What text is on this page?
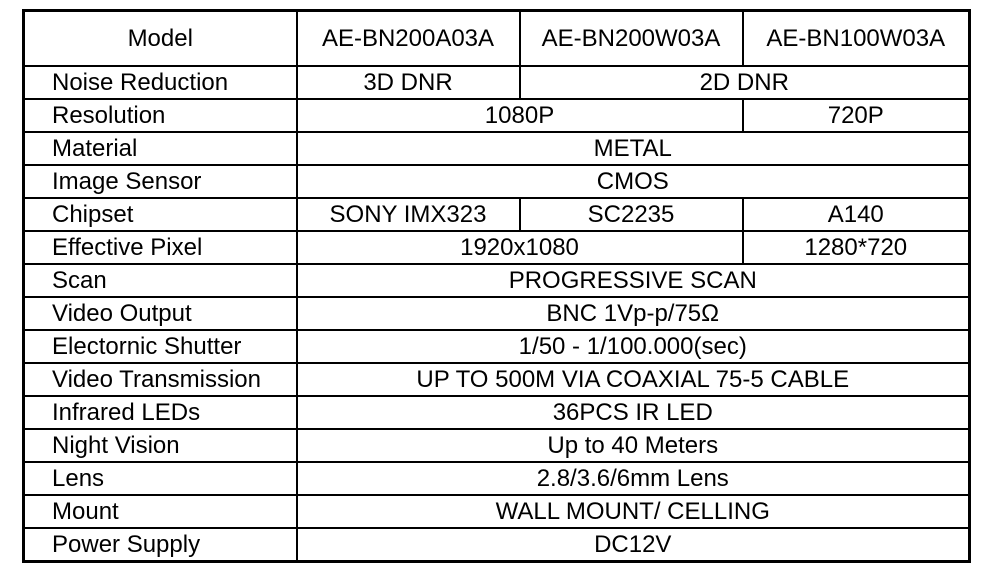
Model	AE-BN200A03A	AE-BN200W03A	AE-BN100W03A
Noise Reduction	3D DNR	2D DNR	
Resolution	1080P		720P
Material	METAL		
Image Sensor	CMOS		
Chipset	SONY IMX323	SC2235	A140
Effective Pixel	1920x1080		1280*720
Scan	PROGRESSIVE SCAN		
Video Output	BNC 1Vp-p/75Ω		
Electornic Shutter	1/50 - 1/100.000(sec)		
Video Transmission	UP TO 500M VIA COAXIAL 75-5 CABLE		
Infrared LEDs	36PCS IR LED		
Night Vision	Up to 40 Meters		
Lens	2.8/3.6/6mm Lens		
Mount	WALL MOUNT/ CELLING		
Power Supply	DC12V		
